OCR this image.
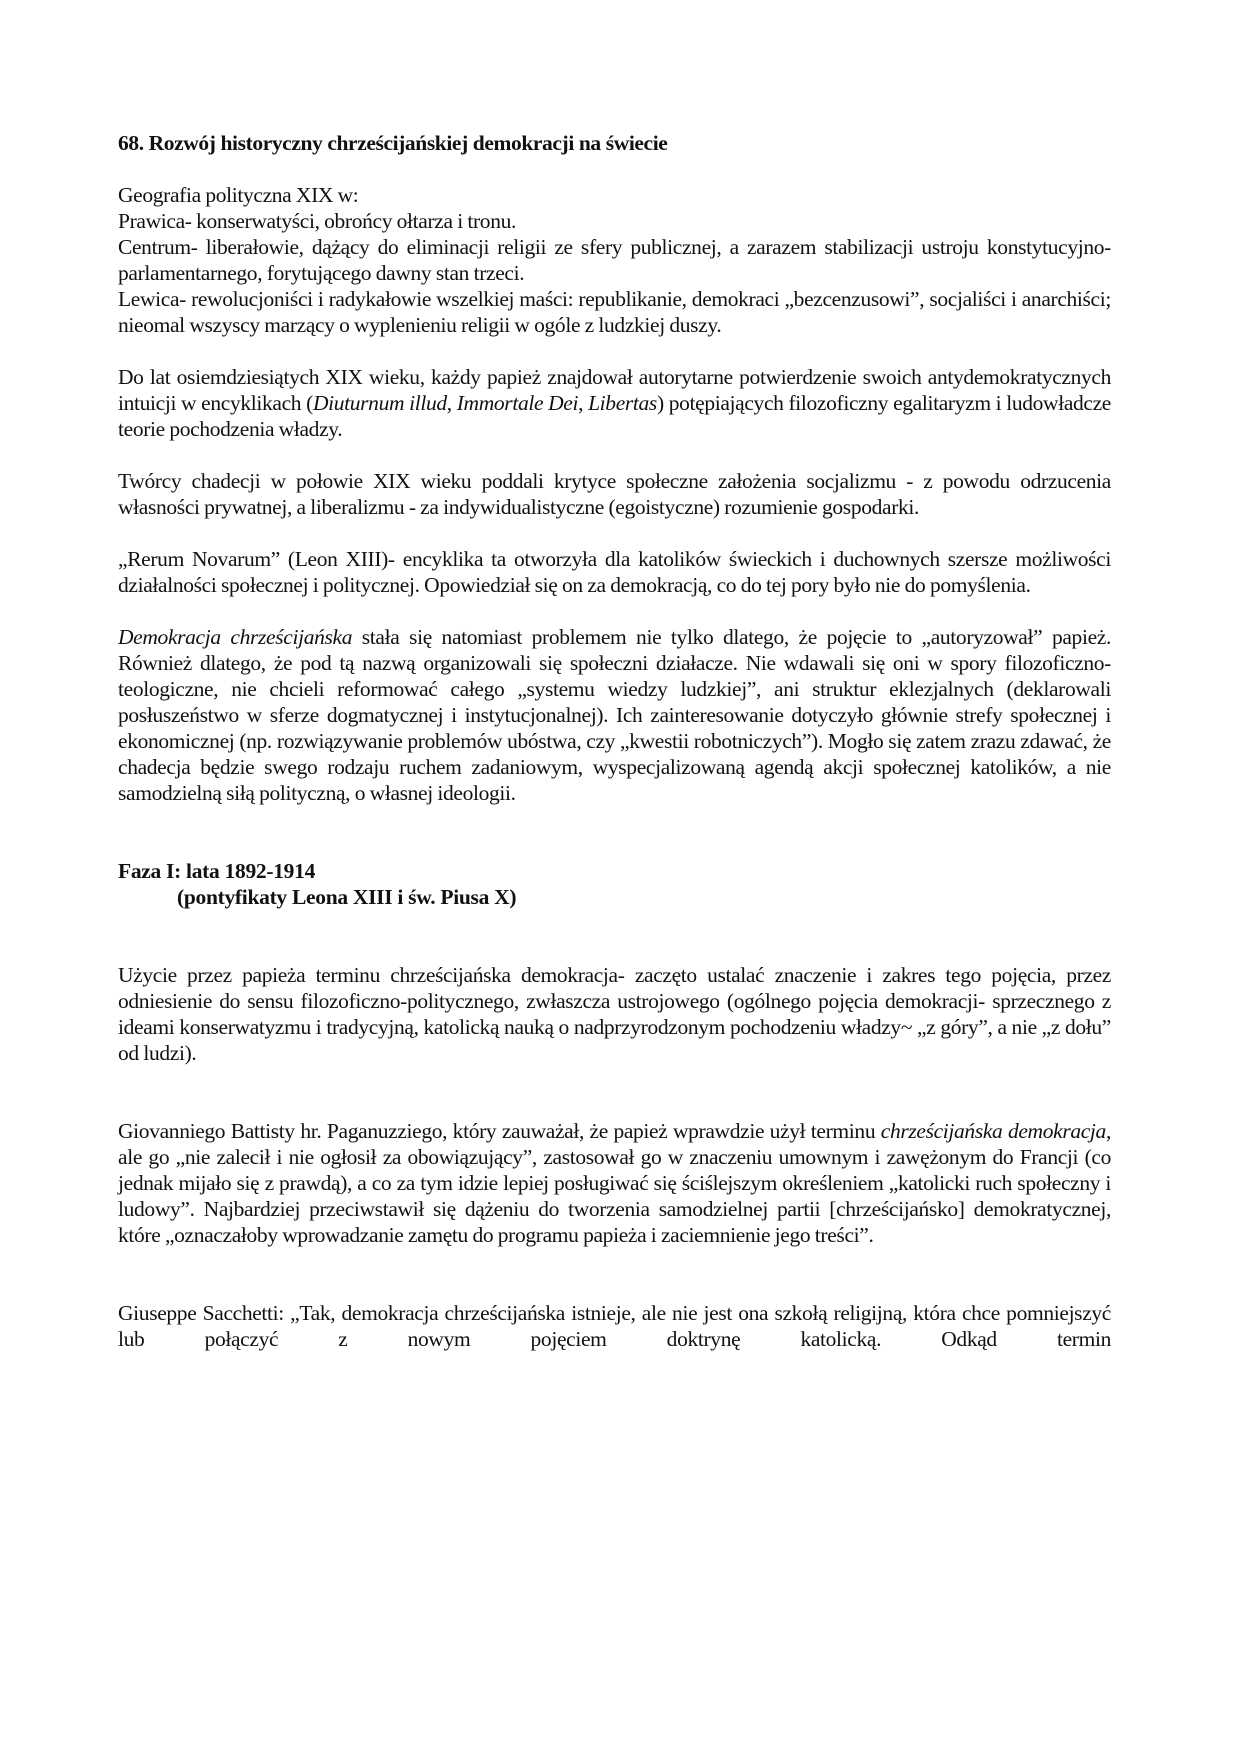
68. Rozwój historyczny chrześcijańskiej demokracji na świecie

Geografia polityczna XIX w:

Prawica- konserwatyści, obrońcy ołtarza i tronu.

Centrum- liberałowie, dążący do eliminacji religii ze sfery publicznej, a zarazem stabilizacji ustroju konstytucyjno-parlamentarnego, forytującego dawny stan trzeci.

Lewica- rewolucjoniści i radykałowie wszelkiej maści: republikanie, demokraci „bezcenzusowi”, socjaliści i anarchiści; nieomal wszyscy marzący o wyplenieniu religii w ogóle z ludzkiej duszy.

Do lat osiemdziesiątych XIX wieku, każdy papież znajdował autorytarne potwierdzenie swoich antydemokratycznych intuicji w encyklikach (Diuturnum illud, Immortale Dei, Libertas) potępiających filozoficzny egalitaryzm i ludowładcze teorie pochodzenia władzy.

Twórcy chadecji w połowie XIX wieku poddali krytyce społeczne założenia socjalizmu - z powodu odrzucenia własności prywatnej, a liberalizmu - za indywidualistyczne (egoistyczne) rozumienie gospodarki.

„Rerum Novarum” (Leon XIII)- encyklika ta otworzyła dla katolików świeckich i duchownych szersze możliwości działalności społecznej i politycznej. Opowiedział się on za demokracją, co do tej pory było nie do pomyślenia.

Demokracja chrześcijańska stała się natomiast problemem nie tylko dlatego, że pojęcie to „autoryzował” papież. Również dlatego, że pod tą nazwą organizowali się społeczni działacze. Nie wdawali się oni w spory filozoficzno- teologiczne, nie chcieli reformować całego „systemu wiedzy ludzkiej”, ani struktur eklezjalnych (deklarowali posłuszeństwo w sferze dogmatycznej i instytucjonalnej). Ich zainteresowanie dotyczyło głównie strefy społecznej i ekonomicznej (np. rozwiązywanie problemów ubóstwa, czy „kwestii robotniczych”). Mogło się zatem zrazu zdawać, że chadecja będzie swego rodzaju ruchem zadaniowym, wyspecjalizowaną agendą akcji społecznej katolików, a nie samodzielną siłą polityczną, o własnej ideologii.

Faza I: lata 1892-1914
(pontyfikaty Leona XIII i św. Piusa X)

Użycie przez papieża terminu chrześcijańska demokracja- zaczęto ustalać znaczenie i zakres tego pojęcia, przez odniesienie do sensu filozoficzno-politycznego, zwłaszcza ustrojowego (ogólnego pojęcia demokracji- sprzecznego z ideami konserwatyzmu i tradycyjną, katolicką nauką o nadprzyrodzonym pochodzeniu władzy~ „z góry”, a nie „z dołu” od ludzi).

Giovanniego Battisty hr. Paganuzziego, który zauważał, że papież wprawdzie użył terminu chrześcijańska demokracja, ale go „nie zalecił i nie ogłosił za obowiązujący”, zastosował go w znaczeniu umownym i zawężonym do Francji (co jednak mijało się z prawdą), a co za tym idzie lepiej posługiwać się ściślejszym określeniem „katolicki ruch społeczny i ludowy”. Najbardziej przeciwstawił się dążeniu do tworzenia samodzielnej partii [chrześcijańsko] demokratycznej, które „oznaczałoby wprowadzanie zamętu do programu papieża i zaciemnienie jego treści”.

Giuseppe Sacchetti: „Tak, demokracja chrześcijańska istnieje, ale nie jest ona szkołą religijną, która chce pomniejszyć lub połączyć z nowym pojęciem doktrynę katolicką. Odkąd termin
